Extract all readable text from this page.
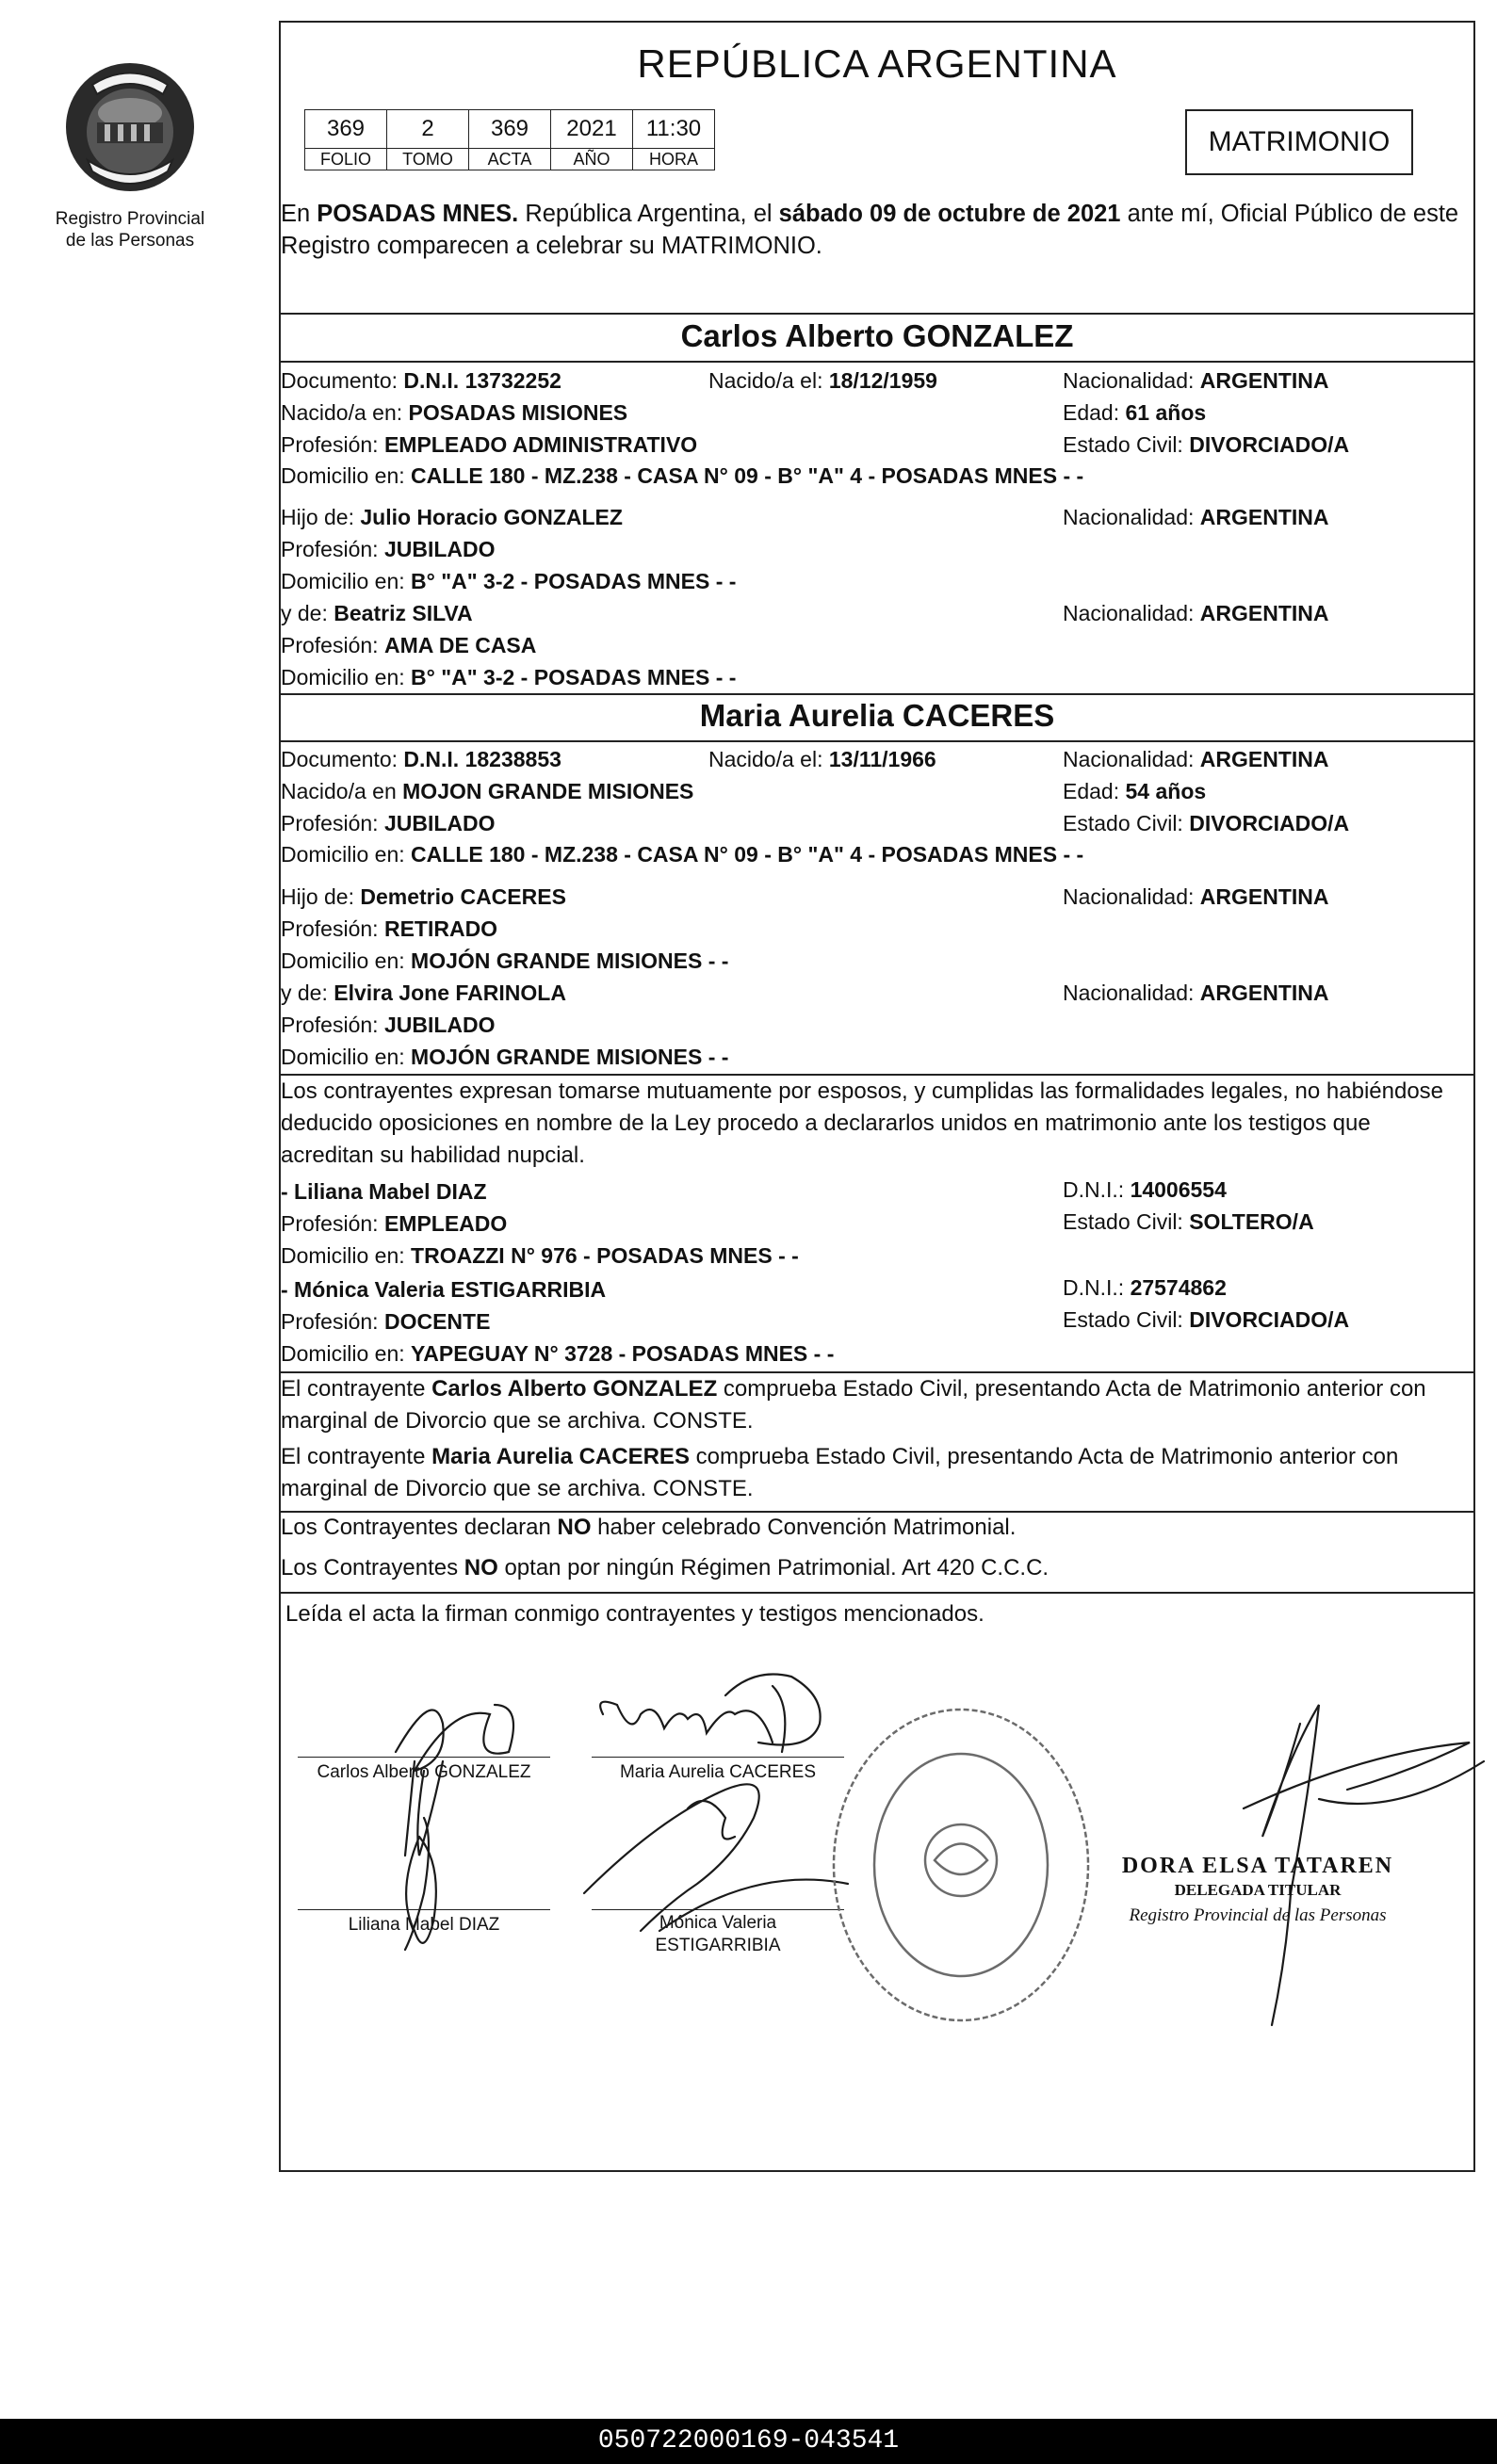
Registro Provincial
de las Personas
REPÚBLICA ARGENTINA
369	2	369	2021	11:30
FOLIO	TOMO	ACTA	AÑO	HORA
MATRIMONIO
En POSADAS MNES. República Argentina, el sábado 09 de octubre de 2021 ante mí, Oficial Público de este Registro comparecen a celebrar su MATRIMONIO.
Carlos Alberto GONZALEZ
Documento: D.N.I. 13732252	Nacido/a el: 18/12/1959	Nacionalidad: ARGENTINA
Nacido/a en: POSADAS MISIONES	Edad: 61 años
Profesión: EMPLEADO ADMINISTRATIVO	Estado Civil: DIVORCIADO/A
Domicilio en: CALLE 180 - MZ.238 - CASA N° 09 - B° "A" 4 - POSADAS MNES - -
Hijo de: Julio Horacio GONZALEZ	Nacionalidad: ARGENTINA
Profesión: JUBILADO
Domicilio en: B° "A" 3-2 - POSADAS MNES - -
y de: Beatriz SILVA	Nacionalidad: ARGENTINA
Profesión: AMA DE CASA
Domicilio en: B° "A" 3-2 - POSADAS MNES - -
Maria Aurelia CACERES
Documento: D.N.I. 18238853	Nacido/a el: 13/11/1966	Nacionalidad: ARGENTINA
Nacido/a en MOJON GRANDE MISIONES	Edad: 54 años
Profesión: JUBILADO	Estado Civil: DIVORCIADO/A
Domicilio en: CALLE 180 - MZ.238 - CASA N° 09 - B° "A" 4 - POSADAS MNES - -
Hijo de: Demetrio CACERES	Nacionalidad: ARGENTINA
Profesión: RETIRADO
Domicilio en: MOJÓN GRANDE MISIONES - -
y de: Elvira Jone FARINOLA	Nacionalidad: ARGENTINA
Profesión: JUBILADO
Domicilio en: MOJÓN GRANDE MISIONES - -
Los contrayentes expresan tomarse mutuamente por esposos, y cumplidas las formalidades legales, no habiéndose deducido oposiciones en nombre de la Ley procedo a declararlos unidos en matrimonio ante los testigos que acreditan su habilidad nupcial.
- Liliana Mabel DIAZ	D.N.I.: 14006554
Profesión: EMPLEADO	Estado Civil: SOLTERO/A
Domicilio en: TROAZZI N° 976 - POSADAS MNES - -
- Mónica Valeria ESTIGARRIBIA	D.N.I.: 27574862
Profesión: DOCENTE	Estado Civil: DIVORCIADO/A
Domicilio en: YAPEGUAY N° 3728 - POSADAS MNES - -
El contrayente Carlos Alberto GONZALEZ comprueba Estado Civil, presentando Acta de Matrimonio anterior con marginal de Divorcio que se archiva. CONSTE.
El contrayente Maria Aurelia CACERES comprueba Estado Civil, presentando Acta de Matrimonio anterior con marginal de Divorcio que se archiva. CONSTE.
Los Contrayentes declaran NO haber celebrado Convención Matrimonial.
Los Contrayentes NO optan por ningún Régimen Patrimonial. Art 420 C.C.C.
Leída el acta la firman conmigo contrayentes y testigos mencionados.
Carlos Alberto GONZALEZ	Maria Aurelia CACERES
Liliana Mabel DIAZ	Mónica Valeria
ESTIGARRIBIA
DORA ELSA TATAREN
DELEGADA TITULAR
Registro Provincial de las Personas
050722000169-043541
